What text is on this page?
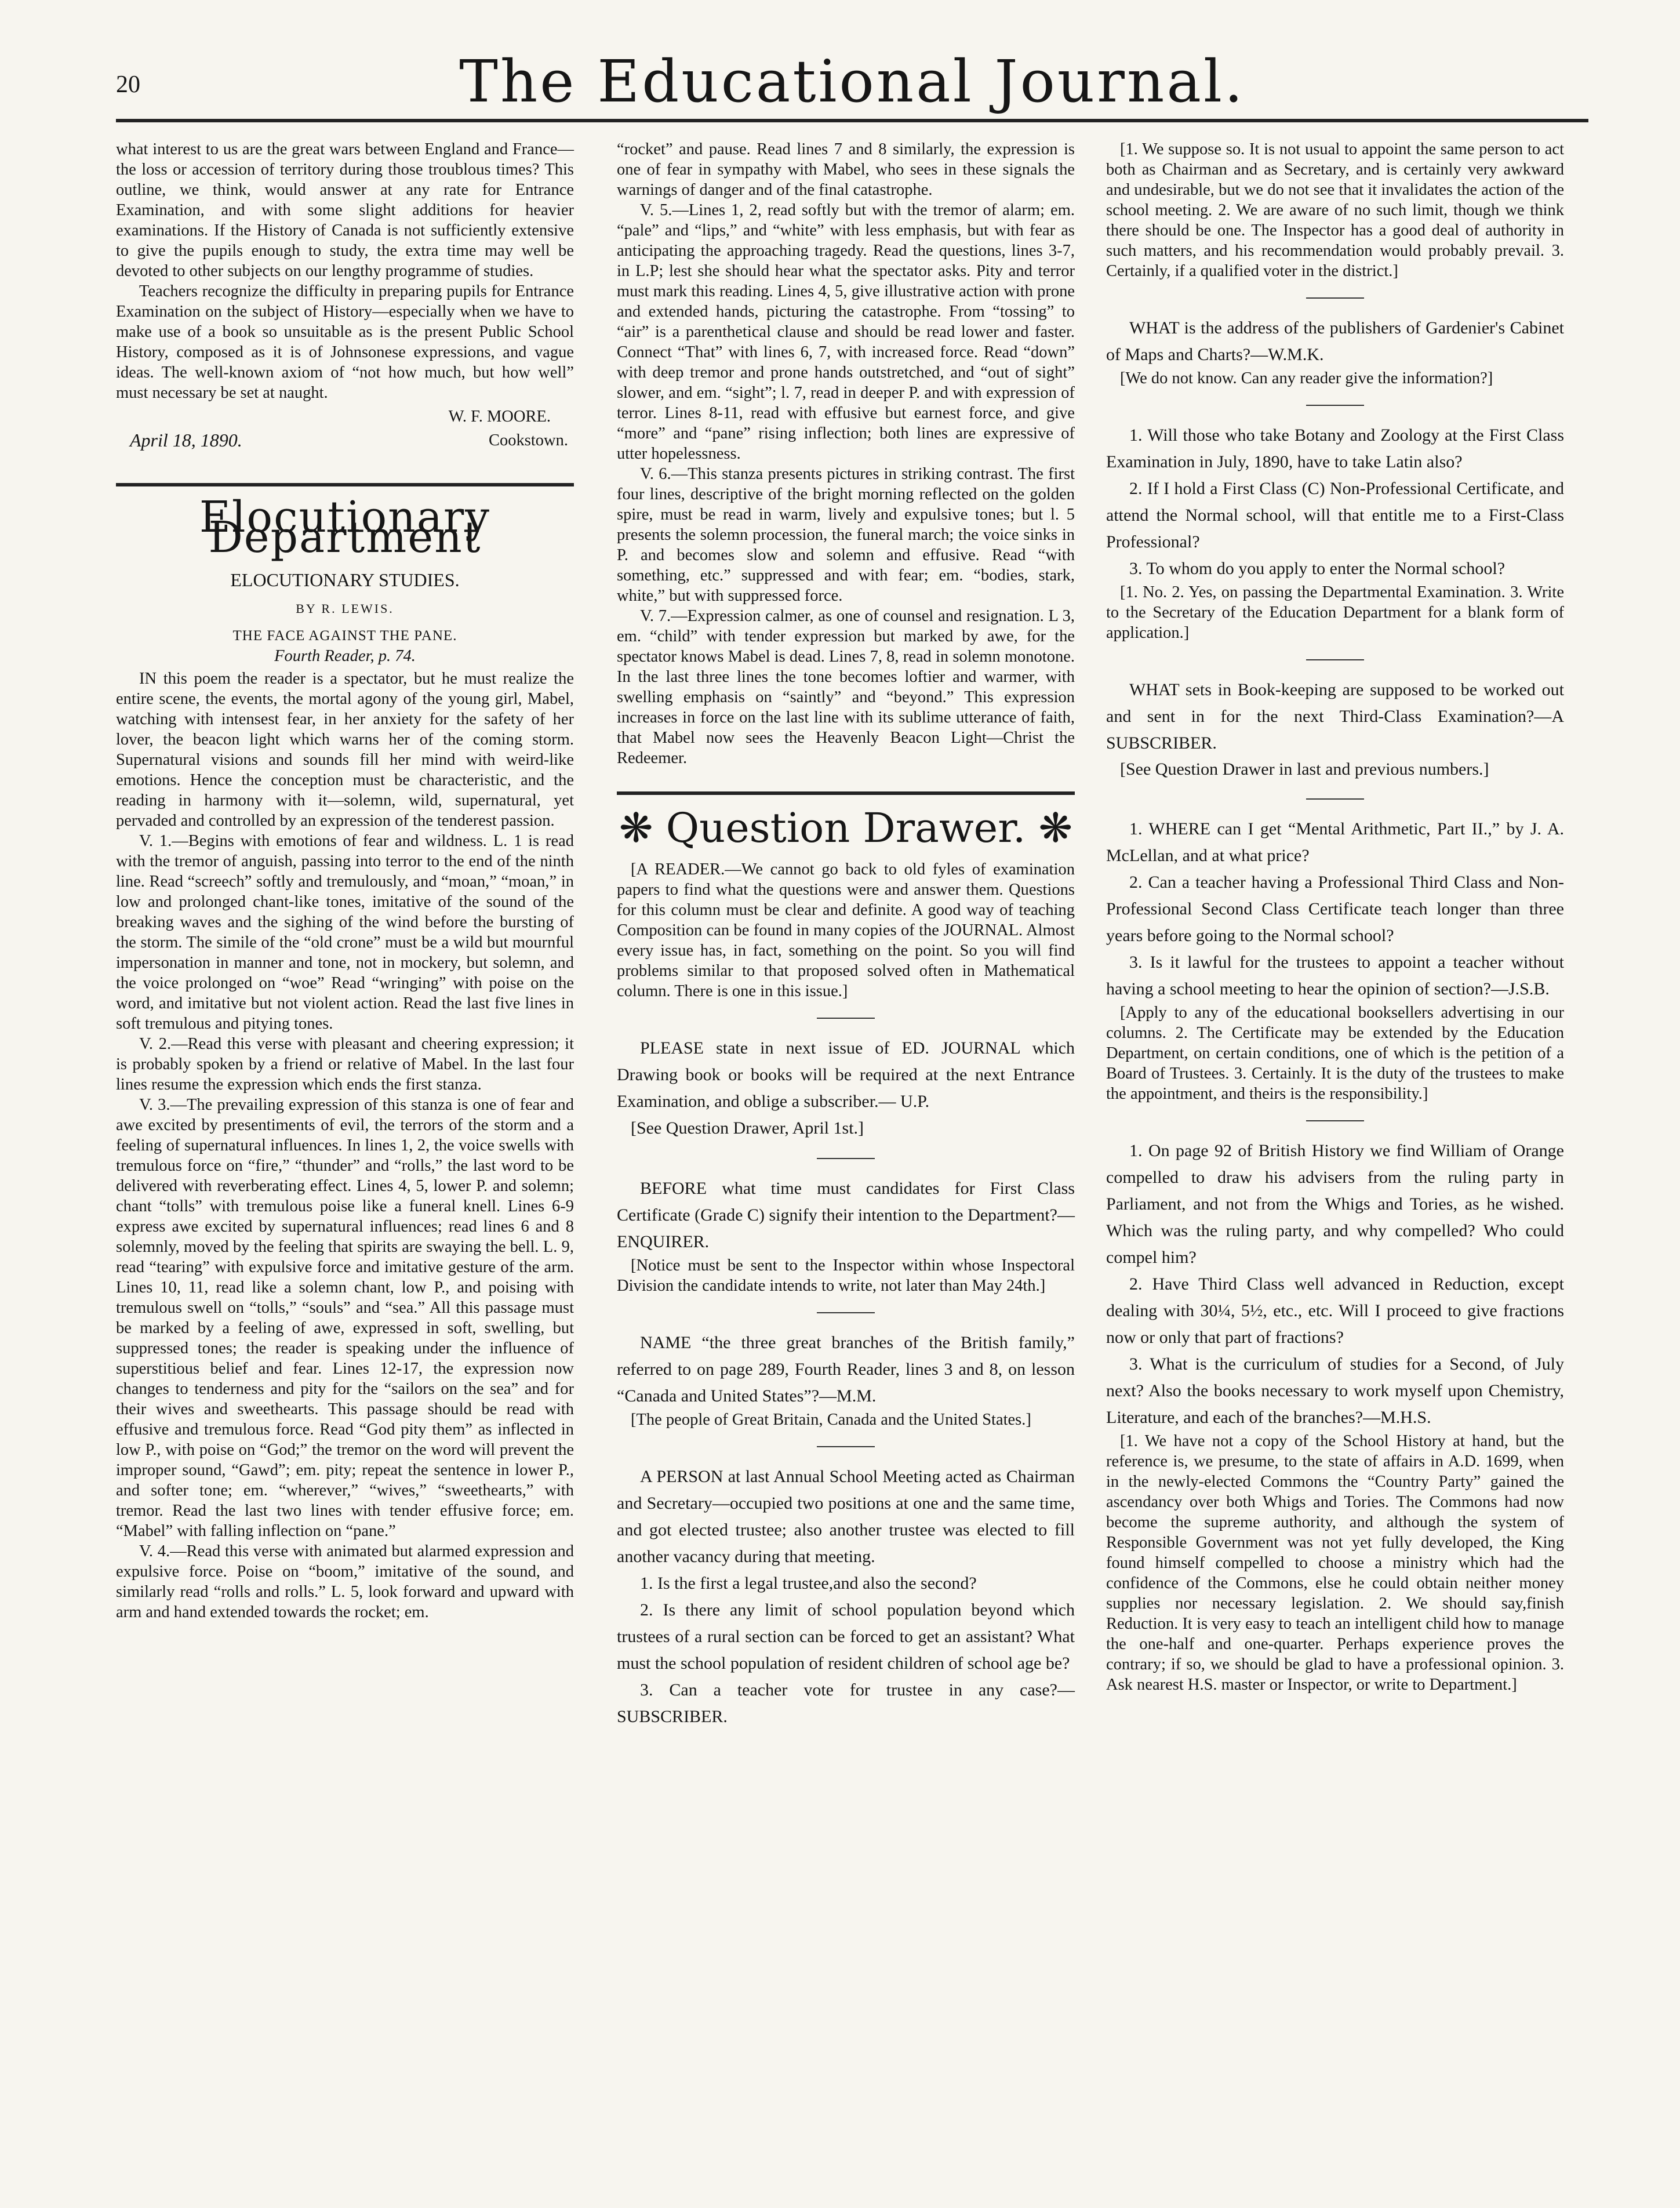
20	The Educational Journal.

what interest to us are the great wars between England and France—the loss or accession of territory during those troublous times? This outline, we think, would answer at any rate for Entrance Examination, and with some slight additions for heavier examinations. If the History of Canada is not sufficiently extensive to give the pupils enough to study, the extra time may well be devoted to other subjects on our lengthy programme of studies.

Teachers recognize the difficulty in preparing pupils for Entrance Examination on the subject of History—especially when we have to make use of a book so unsuitable as is the present Public School History, composed as it is of Johnsonese expressions, and vague ideas. The well-known axiom of “not how much, but how well” must necessary be set at naught.

W. F. MOORE.
April 18, 1890.	Cookstown.
Elocutionary Department

ELOCUTIONARY STUDIES.

BY R. LEWIS.

THE FACE AGAINST THE PANE.

Fourth Reader, p. 74.

IN this poem the reader is a spectator, but he must realize the entire scene, the events, the mortal agony of the young girl, Mabel, watching with intensest fear, in her anxiety for the safety of her lover, the beacon light which warns her of the coming storm. Supernatural visions and sounds fill her mind with weird-like emotions. Hence the conception must be characteristic, and the reading in harmony with it—solemn, wild, supernatural, yet pervaded and controlled by an expression of the tenderest passion.

V. 1.—Begins with emotions of fear and wildness. L. 1 is read with the tremor of anguish, passing into terror to the end of the ninth line. Read “screech” softly and tremulously, and “moan,” “moan,” in low and prolonged chant-like tones, imitative of the sound of the breaking waves and the sighing of the wind before the bursting of the storm. The simile of the “old crone” must be a wild but mournful impersonation in manner and tone, not in mockery, but solemn, and the voice prolonged on “woe” Read “wringing” with poise on the word, and imitative but not violent action. Read the last five lines in soft tremulous and pitying tones.

V. 2.—Read this verse with pleasant and cheering expression; it is probably spoken by a friend or relative of Mabel. In the last four lines resume the expression which ends the first stanza.

V. 3.—The prevailing expression of this stanza is one of fear and awe excited by presentiments of evil, the terrors of the storm and a feeling of supernatural influences. In lines 1, 2, the voice swells with tremulous force on “fire,” “thunder” and “rolls,” the last word to be delivered with reverberating effect. Lines 4, 5, lower P. and solemn; chant “tolls” with tremulous poise like a funeral knell. Lines 6-9 express awe excited by supernatural influences; read lines 6 and 8 solemnly, moved by the feeling that spirits are swaying the bell. L. 9, read “tearing” with expulsive force and imitative gesture of the arm. Lines 10, 11, read like a solemn chant, low P., and poising with tremulous swell on “tolls,” “souls” and “sea.” All this passage must be marked by a feeling of awe, expressed in soft, swelling, but suppressed tones; the reader is speaking under the influence of superstitious belief and fear. Lines 12-17, the expression now changes to tenderness and pity for the “sailors on the sea” and for their wives and sweethearts. This passage should be read with effusive and tremulous force. Read “God pity them” as inflected in low P., with poise on “God;” the tremor on the word will prevent the improper sound, “Gawd”; em. pity; repeat the sentence in lower P., and softer tone; em. “wherever,” “wives,” “sweethearts,” with tremor. Read the last two lines with tender effusive force; em. “Mabel” with falling inflection on “pane.”

V. 4.—Read this verse with animated but alarmed expression and expulsive force. Poise on “boom,” imitative of the sound, and similarly read “rolls and rolls.” L. 5, look forward and upward with arm and hand extended towards the rocket; em.

“rocket” and pause. Read lines 7 and 8 similarly, the expression is one of fear in sympathy with Mabel, who sees in these signals the warnings of danger and of the final catastrophe.

V. 5.—Lines 1, 2, read softly but with the tremor of alarm; em. “pale” and “lips,” and “white” with less emphasis, but with fear as anticipating the approaching tragedy. Read the questions, lines 3-7, in L.P; lest she should hear what the spectator asks. Pity and terror must mark this reading. Lines 4, 5, give illustrative action with prone and extended hands, picturing the catastrophe. From “tossing” to “air” is a parenthetical clause and should be read lower and faster. Connect “That” with lines 6, 7, with increased force. Read “down” with deep tremor and prone hands outstretched, and “out of sight” slower, and em. “sight”; l. 7, read in deeper P. and with expression of terror. Lines 8-11, read with effusive but earnest force, and give “more” and “pane” rising inflection; both lines are expressive of utter hopelessness.

V. 6.—This stanza presents pictures in striking contrast. The first four lines, descriptive of the bright morning reflected on the golden spire, must be read in warm, lively and expulsive tones; but l. 5 presents the solemn procession, the funeral march; the voice sinks in P. and becomes slow and solemn and effusive. Read “with something, etc.” suppressed and with fear; em. “bodies, stark, white,” but with suppressed force.

V. 7.—Expression calmer, as one of counsel and resignation. L 3, em. “child” with tender expression but marked by awe, for the spectator knows Mabel is dead. Lines 7, 8, read in solemn monotone. In the last three lines the tone becomes loftier and warmer, with swelling emphasis on “saintly” and “beyond.” This expression increases in force on the last line with its sublime utterance of faith, that Mabel now sees the Heavenly Beacon Light—Christ the Redeemer.

❋ Question Drawer. ❋

[A READER.—We cannot go back to old fyles of examination papers to find what the questions were and answer them. Questions for this column must be clear and definite. A good way of teaching Composition can be found in many copies of the JOURNAL. Almost every issue has, in fact, something on the point. So you will find problems similar to that proposed solved often in Mathematical column. There is one in this issue.]

PLEASE state in next issue of ED. JOURNAL which Drawing book or books will be required at the next Entrance Examination, and oblige a subscriber.— U.P.

[See Question Drawer, April 1st.]

BEFORE what time must candidates for First Class Certificate (Grade C) signify their intention to the Department?—ENQUIRER.

[Notice must be sent to the Inspector within whose Inspectoral Division the candidate intends to write, not later than May 24th.]

NAME “the three great branches of the British family,” referred to on page 289, Fourth Reader, lines 3 and 8, on lesson “Canada and United States”?—M.M.

[The people of Great Britain, Canada and the United States.]

A PERSON at last Annual School Meeting acted as Chairman and Secretary—occupied two positions at one and the same time, and got elected trustee; also another trustee was elected to fill another vacancy during that meeting.

1. Is the first a legal trustee,and also the second?

2. Is there any limit of school population beyond which trustees of a rural section can be forced to get an assistant? What must the school population of resident children of school age be?

3. Can a teacher vote for trustee in any case?—SUBSCRIBER.

[1. We suppose so. It is not usual to appoint the same person to act both as Chairman and as Secretary, and is certainly very awkward and undesirable, but we do not see that it invalidates the action of the school meeting. 2. We are aware of no such limit, though we think there should be one. The Inspector has a good deal of authority in such matters, and his recommendation would probably prevail. 3. Certainly, if a qualified voter in the district.]

WHAT is the address of the publishers of Gardenier's Cabinet of Maps and Charts?—W.M.K.

[We do not know. Can any reader give the information?]

1. Will those who take Botany and Zoology at the First Class Examination in July, 1890, have to take Latin also?

2. If I hold a First Class (C) Non-Professional Certificate, and attend the Normal school, will that entitle me to a First-Class Professional?

3. To whom do you apply to enter the Normal school?

[1. No. 2. Yes, on passing the Departmental Examination. 3. Write to the Secretary of the Education Department for a blank form of application.]

WHAT sets in Book-keeping are supposed to be worked out and sent in for the next Third-Class Examination?—A SUBSCRIBER.

[See Question Drawer in last and previous numbers.]

1. WHERE can I get “Mental Arithmetic, Part II.,” by J. A. McLellan, and at what price?

2. Can a teacher having a Professional Third Class and Non-Professional Second Class Certificate teach longer than three years before going to the Normal school?

3. Is it lawful for the trustees to appoint a teacher without having a school meeting to hear the opinion of section?—J.S.B.

[Apply to any of the educational booksellers advertising in our columns. 2. The Certificate may be extended by the Education Department, on certain conditions, one of which is the petition of a Board of Trustees. 3. Certainly. It is the duty of the trustees to make the appointment, and theirs is the responsibility.]

1. On page 92 of British History we find William of Orange compelled to draw his advisers from the ruling party in Parliament, and not from the Whigs and Tories, as he wished. Which was the ruling party, and why compelled? Who could compel him?

2. Have Third Class well advanced in Reduction, except dealing with 30¼, 5½, etc., etc. Will I proceed to give fractions now or only that part of fractions?

3. What is the curriculum of studies for a Second, of July next? Also the books necessary to work myself upon Chemistry, Literature, and each of the branches?—M.H.S.

[1. We have not a copy of the School History at hand, but the reference is, we presume, to the state of affairs in A.D. 1699, when in the newly-elected Commons the “Country Party” gained the ascendancy over both Whigs and Tories. The Commons had now become the supreme authority, and although the system of Responsible Government was not yet fully developed, the King found himself compelled to choose a ministry which had the confidence of the Commons, else he could obtain neither money supplies nor necessary legislation. 2. We should say,finish Reduction. It is very easy to teach an intelligent child how to manage the one-half and one-quarter. Perhaps experience proves the contrary; if so, we should be glad to have a professional opinion. 3. Ask nearest H.S. master or Inspector, or write to Department.]
